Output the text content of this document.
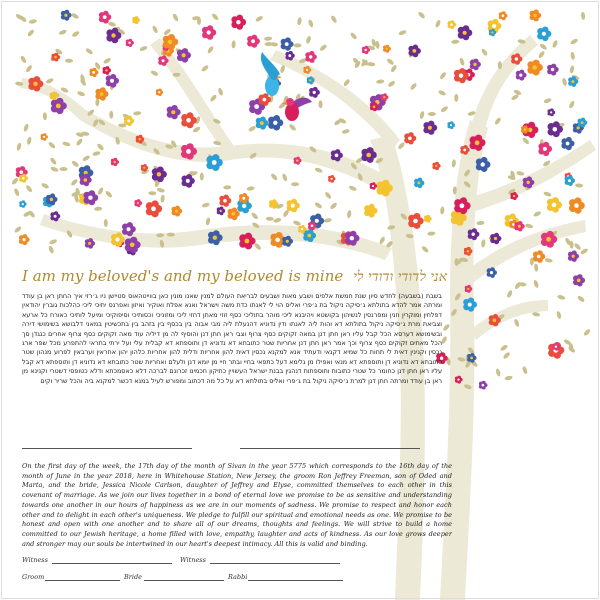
I am my beloved's and my beloved is mine אני לדודי ודודי לי
בשבת (בשבעה) לחדש סיון שנת חמשת אלפים ושבע מאות ושבעים לבריאת העולם למנין שאנו מונין כאן בווייטהאוס סטיישן ניו ג׳רזי איך החתן ראן בן עודד ומרתה אמר להדא בתולתא ג׳סיקה ניקול בת ג׳פרי ואליס הוי לי לאנתו כדת משה וישראל ואנא אפלח ואוקיר ואיזון ואפרנס יתיכי ליכי כהלכות גוברין יהודאין דפלחין ומוקרין וזנין ומפרנסין לנשיהון בקושטא ויהיבנא ליכי מוהר בתוליכי כסף זוזי מאתן דחזי ליכי ומזוניכי וכסותיכי וסיפוקיכי ומיעל לותיכי כאורח כל ארעא וצביאת מרת ג׳סיקה ניקול בתולתא דא והות ליה לאנתו ודין נדוניא דהנעלת ליה מבי אבוה בין בכסף בין בזהב בין בתכשיטין במאני דלבושא בשימושי דירה ובשימושא דערסא הכל קבל עליו ראן חתן דנן במאה זקוקים כסף צרוף וצבי ראן חתן דנן והוסיף לה מן דיליה עוד מאה זקוקים כסף צרוף אחרים כנגדן סך הכל מאתים זקוקים כסף צרוף וכך אמר ראן חתן דנן אחריות שטר כתובתא דא נדוניא דן ותוספתא דא קבלית עלי ועל ירתי בתראי להתפרע מכל שפר ארג נכסין וקנינין דאית לי תחות כל שמיא דקנאי ודעתיד אנא למקנא נכסין דאית להון אחריות ודלית להון אחריות כלהון יהון אחראין וערבאין לפרוע מנהון שטר כתובתא דא נדוניא דן ותוספתא דא מנאי ואפילו מן גלימא דעל כתפאי בחיי ובתר חיי מן יומא דנן ולעלם ואחריות שטר כתובתא דא נדוניא דן ותוספתא דא קבל עליו ראן חתן דנן כחומר כל שטרי כתובות ותוספתות דנהגין בבנת ישראל העשויין כתיקון חכמינו זכרונם לברכה דלא כאסמכתא ודלא כטופסי דשטרי וקנינא מן ראן בן עודד ומרתה חתן דנן למרת ג׳סיקה ניקול בת ג׳פרי ואליס בתולתא דא על כל מה דכתוב ומפורש לעיל במנא דכשר למקנא ביה והכל שריר וקים
On the first day of the week, the 17th day of the month of Sivan in the year 5775 which corresponds to the 16th day of the month of June in the year 2018, here in Whitehouse Station, New Jersey, the groom Ron Jeffrey Freeman, son of Oded and Marta, and the bride, Jessica Nicole Carlson, daughter of Jeffrey and Elyse, committed themselves to each other in this covenant of marriage. As we join our lives together in a bond of eternal love we promise to be as sensitive and understanding towards one another in our hours of happiness as we are in our moments of sadness. We promise to respect and honor each other and to delight in each other's uniqueness. We pledge to fulfill our spiritual and emotional needs as one. We promise to be honest and open with one another and to share all of our dreams, thoughts and feelings. We will strive to build a home committed to our Jewish heritage, a home filled with love, empathy, laughter and acts of kindness. As our love grows deeper and stronger may our souls be intertwined in our heart's deepest intimacy. All this is valid and binding.
Witness	Witness
Groom	Bride	Rabbi
